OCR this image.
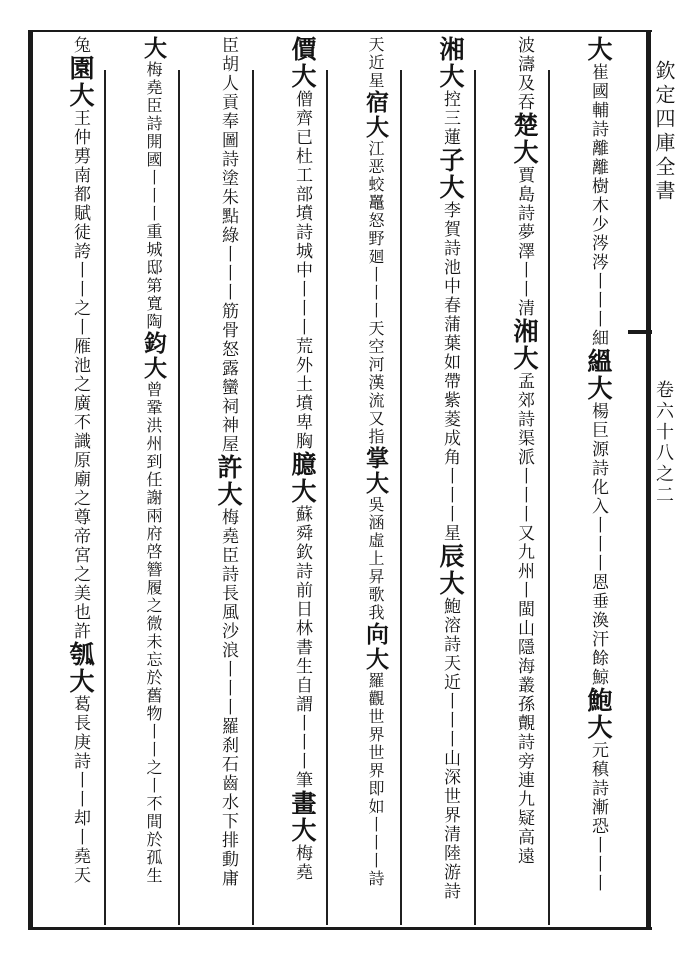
欽定四庫全書
卷六十八之二
大崔國輔詩離離樹木少涔涔丨丨丨細縕大楊巨源詩化入丨丨丨恩垂渙汗餘鯨鮑大元稹詩漸恐丨丨丨
波濤及吞楚大賈島詩夢澤丨丨清湘大孟郊詩渠派丨丨丨又九州丨閩山隱海叢孫覿詩旁連九疑高遠
湘大控三蓮子大李賀詩池中春蒲葉如帶紫菱成角丨丨丨星辰大鮑溶詩天近丨丨丨山深世界清陸游詩
天近星宿大江恶蛟鼉怒野廻丨丨丨天空河漢流又指掌大吳涵虛上昇歌我向大羅觀世界世界即如丨丨丨詩
價大僧齊已杜工部墳詩城中丨丨丨荒外土墳卑胸臆大蘇舜欽詩前日林書生自謂丨丨丨筆畫大梅堯
臣胡人貢奉圖詩塗朱點綠丨丨丨筋骨怒露蠻祠神屋許大梅堯臣詩長風沙浪丨丨丨羅刹石齒水下排動庸
大梅堯臣詩開國丨丨丨重城邸第寬陶鈞大曾鞏洪州到任謝兩府啓簪履之微未忘於舊物丨丨之丨不間於孤生
兔園大王仲旉南都賦徒誇丨丨之丨雁池之廣不識原廟之尊帝宮之美也許瓠大葛長庚詩丨丨却丨堯天
